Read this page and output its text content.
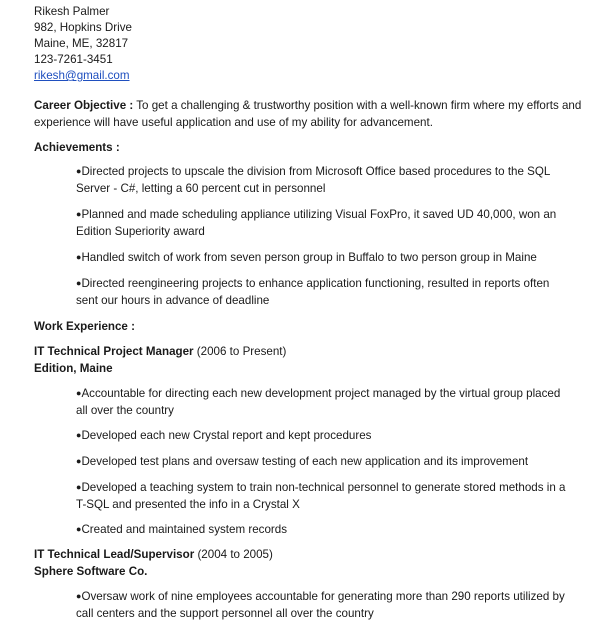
Rikesh Palmer
982, Hopkins Drive
Maine, ME, 32817
123-7261-3451
rikesh@gmail.com
Career Objective : To get a challenging & trustworthy position with a well-known firm where my efforts and experience will have useful application and use of my ability for advancement.
Achievements :
●Directed projects to upscale the division from Microsoft Office based procedures to the SQL Server - C#, letting a 60 percent cut in personnel
●Planned and made scheduling appliance utilizing Visual FoxPro, it saved UD 40,000, won an Edition Superiority award
●Handled switch of work from seven person group in Buffalo to two person group in Maine
●Directed reengineering projects to enhance application functioning, resulted in reports often sent our hours in advance of deadline
Work Experience :
IT Technical Project Manager (2006 to Present)
Edition, Maine
●Accountable for directing each new development project managed by the virtual group placed all over the country
●Developed each new Crystal report and kept procedures
●Developed test plans and oversaw testing of each new application and its improvement
●Developed a teaching system to train non-technical personnel to generate stored methods in a T-SQL and presented the info in a Crystal X
●Created and maintained system records
IT Technical Lead/Supervisor (2004 to 2005)
Sphere Software Co.
●Oversaw work of nine employees accountable for generating more than 290 reports utilized by call centers and the support personnel all over the country
